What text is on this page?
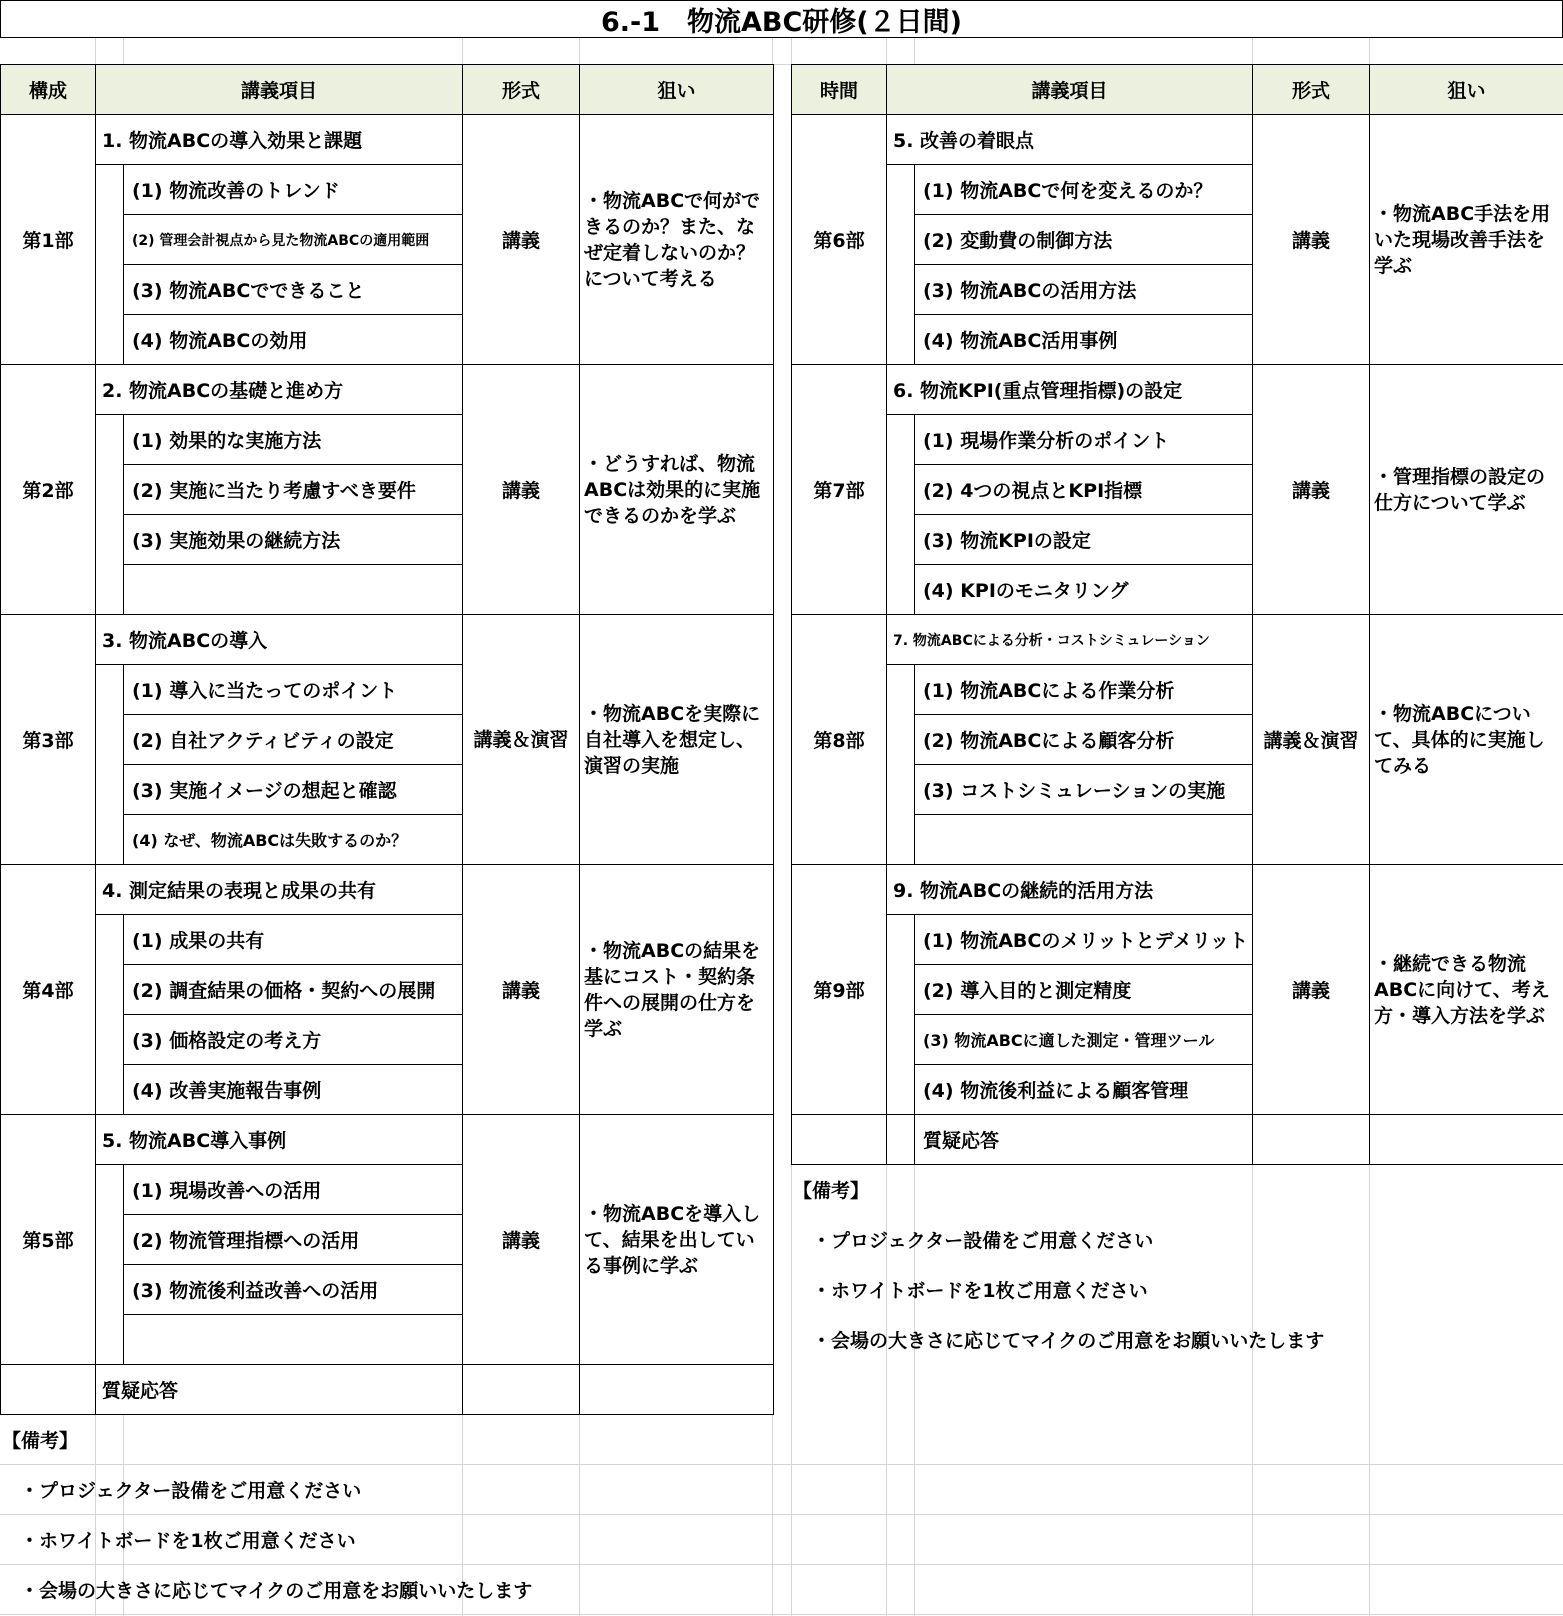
6.-1　物流ABC研修(２日間)
構成	講義項目		形式	狙い
第1部	1. 物流ABCの導入効果と課題		講義	・物流ABCで何ができるのか？また、なぜ定着しないのか？について考える
		(1) 物流改善のトレンド		
		(2) 管理会計視点から見た物流ABCの適用範囲		
		(3) 物流ABCでできること		
		(4) 物流ABCの効用		
第2部	2. 物流ABCの基礎と進め方		講義	・どうすれば、物流ABCは効果的に実施できるのかを学ぶ
		(1) 効果的な実施方法		
		(2) 実施に当たり考慮すべき要件		
		(3) 実施効果の継続方法		

第3部	3. 物流ABCの導入		講義＆演習	・物流ABCを実際に自社導入を想定し、演習の実施
		(1) 導入に当たってのポイント		
		(2) 自社アクティビティの設定		
		(3) 実施イメージの想起と確認		
		(4) なぜ、物流ABCは失敗するのか？		
第4部	4. 測定結果の表現と成果の共有		講義	・物流ABCの結果を基にコスト・契約条件への展開の仕方を学ぶ
		(1) 成果の共有		
		(2) 調査結果の価格・契約への展開		
		(3) 価格設定の考え方		
		(4) 改善実施報告事例		
第5部	5. 物流ABC導入事例		講義	・物流ABCを導入して、結果を出している事例に学ぶ
		(1) 現場改善への活用		
		(2) 物流管理指標への活用		
		(3) 物流後利益改善への活用		

	質疑応答			
時間	講義項目		形式	狙い
第6部	5. 改善の着眼点		講義	・物流ABC手法を用いた現場改善手法を学ぶ
		(1) 物流ABCで何を変えるのか？		
		(2) 変動費の制御方法		
		(3) 物流ABCの活用方法		
		(4) 物流ABC活用事例		
第7部	6. 物流KPI(重点管理指標)の設定		講義	・管理指標の設定の仕方について学ぶ
		(1) 現場作業分析のポイント		
		(2) 4つの視点とKPI指標		
		(3) 物流KPIの設定		
		(4) KPIのモニタリング		
第8部	7. 物流ABCによる分析・コストシミュレーション		講義＆演習	・物流ABCについて、具体的に実施してみる
		(1) 物流ABCによる作業分析		
		(2) 物流ABCによる顧客分析		
		(3) コストシミュレーションの実施		

第9部	9. 物流ABCの継続的活用方法		講義	・継続できる物流ABCに向けて、考え方・導入方法を学ぶ
		(1) 物流ABCのメリットとデメリット		
		(2) 導入目的と測定精度		
		(3) 物流ABCに適した測定・管理ツール		
		(4) 物流後利益による顧客管理		
		質疑応答		
【備考】
・プロジェクター設備をご用意ください
・ホワイトボードを1枚ご用意ください
・会場の大きさに応じてマイクのご用意をお願いいたします
【備考】
・プロジェクター設備をご用意ください
・ホワイトボードを1枚ご用意ください
・会場の大きさに応じてマイクのご用意をお願いいたします
